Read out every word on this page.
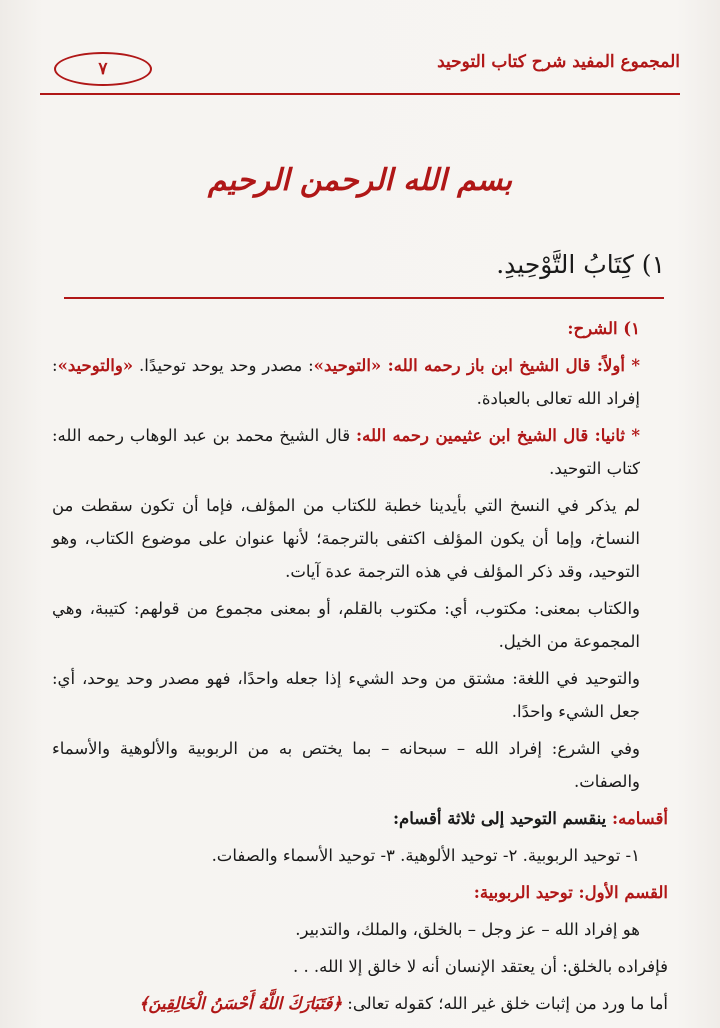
المجموع المفيد شرح كتاب التوحيد
٧
بسم الله الرحمن الرحيم
١) كِتَابُ التَّوْحِيدِ.

١) الشرح:

* أولاً: قال الشيخ ابن باز رحمه الله: «التوحيد»: مصدر وحد يوحد توحيدًا. «والتوحيد»: إفراد الله تعالى بالعبادة.

* ثانيا: قال الشيخ ابن عثيمين رحمه الله: قال الشيخ محمد بن عبد الوهاب رحمه الله: كتاب التوحيد.

لم يذكر في النسخ التي بأيدينا خطبة للكتاب من المؤلف، فإما أن تكون سقطت من النساخ، وإما أن يكون المؤلف اكتفى بالترجمة؛ لأنها عنوان على موضوع الكتاب، وهو التوحيد، وقد ذكر المؤلف في هذه الترجمة عدة آيات.

والكتاب بمعنى: مكتوب، أي: مكتوب بالقلم، أو بمعنى مجموع من قولهم: كتيبة، وهي المجموعة من الخيل.

والتوحيد في اللغة: مشتق من وحد الشيء إذا جعله واحدًا، فهو مصدر وحد يوحد، أي: جعل الشيء واحدًا.

وفي الشرع: إفراد الله – سبحانه – بما يختص به من الربوبية والألوهية والأسماء والصفات.

أقسامه: ينقسم التوحيد إلى ثلاثة أقسام:

١- توحيد الربوبية. ٢- توحيد الألوهية. ٣- توحيد الأسماء والصفات.

القسم الأول: توحيد الربوبية:

هو إفراد الله – عز وجل – بالخلق، والملك، والتدبير.

فإفراده بالخلق: أن يعتقد الإنسان أنه لا خالق إلا الله. . .

أما ما ورد من إثبات خلق غير الله؛ كقوله تعالى: ﴿فَتَبَارَكَ اللَّهُ أَحْسَنُ الْخَالِقِينَ﴾
